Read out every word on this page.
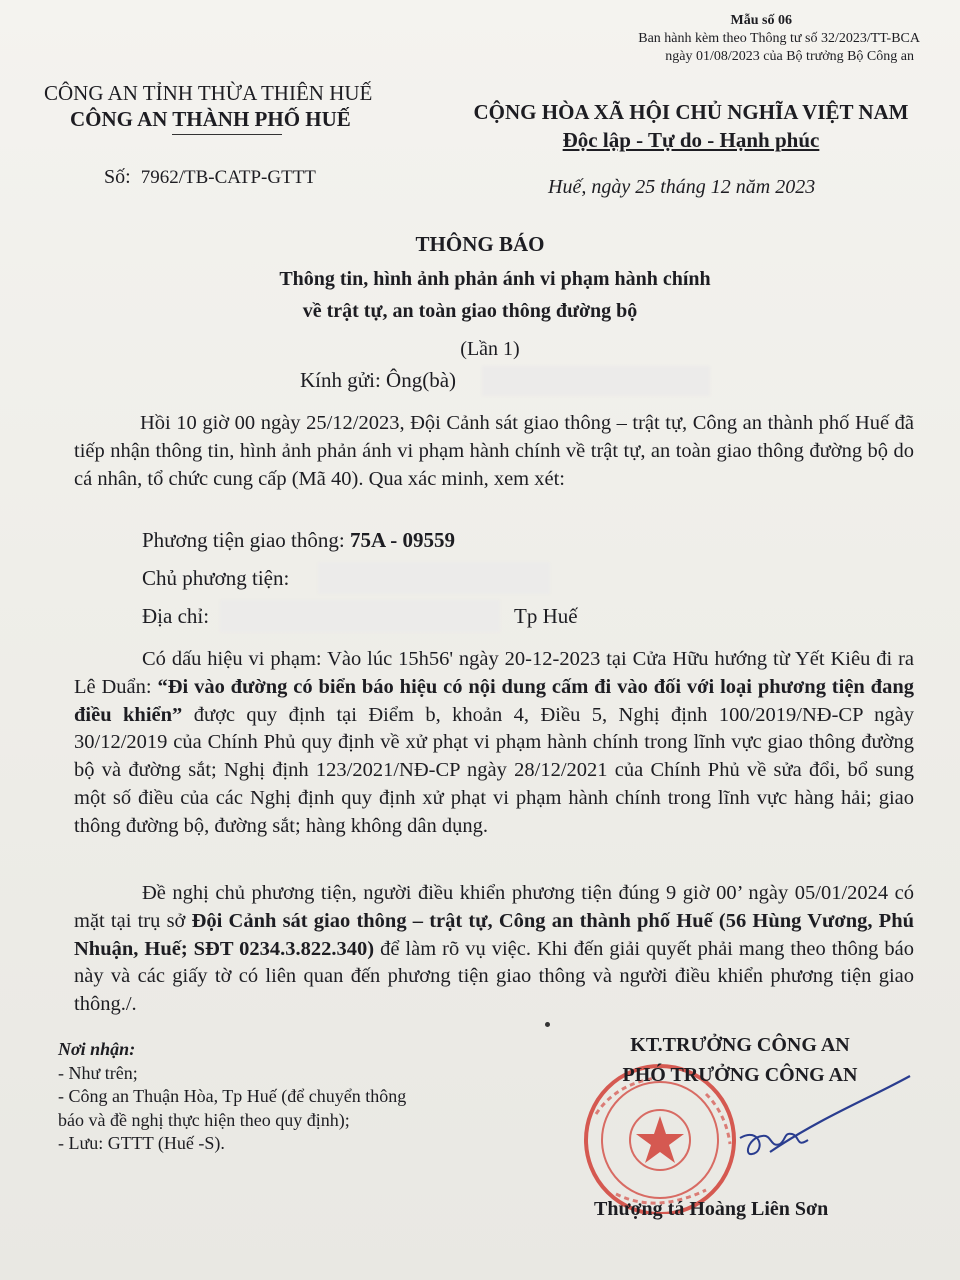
Mẫu số 06
Ban hành kèm theo Thông tư số 32/2023/TT-BCA
ngày 01/08/2023 của Bộ trưởng Bộ Công an
CÔNG AN TỈNH THỪA THIÊN HUẾ
CÔNG AN THÀNH PHỐ HUẾ
Số: 7962/TB-CATP-GTTT
CỘNG HÒA XÃ HỘI CHỦ NGHĨA VIỆT NAM
Độc lập - Tự do - Hạnh phúc
Huế, ngày 25 tháng 12 năm 2023
THÔNG BÁO
Thông tin, hình ảnh phản ánh vi phạm hành chính
về trật tự, an toàn giao thông đường bộ
(Lần 1)
Kính gửi: Ông(bà)
Hồi 10 giờ 00 ngày 25/12/2023, Đội Cảnh sát giao thông – trật tự, Công an thành phố Huế đã tiếp nhận thông tin, hình ảnh phản ánh vi phạm hành chính về trật tự, an toàn giao thông đường bộ do cá nhân, tổ chức cung cấp (Mã 40). Qua xác minh, xem xét:
Phương tiện giao thông: 75A - 09559
Chủ phương tiện:
Địa chỉ:	Tp Huế
Có dấu hiệu vi phạm: Vào lúc 15h56' ngày 20-12-2023 tại Cửa Hữu hướng từ Yết Kiêu đi ra Lê Duẩn: “Đi vào đường có biển báo hiệu có nội dung cấm đi vào đối với loại phương tiện đang điều khiển” được quy định tại Điểm b, khoản 4, Điều 5, Nghị định 100/2019/NĐ-CP ngày 30/12/2019 của Chính Phủ quy định về xử phạt vi phạm hành chính trong lĩnh vực giao thông đường bộ và đường sắt; Nghị định 123/2021/NĐ-CP ngày 28/12/2021 của Chính Phủ về sửa đổi, bổ sung một số điều của các Nghị định quy định xử phạt vi phạm hành chính trong lĩnh vực hàng hải; giao thông đường bộ, đường sắt; hàng không dân dụng.
Đề nghị chủ phương tiện, người điều khiển phương tiện đúng 9 giờ 00’ ngày 05/01/2024 có mặt tại trụ sở Đội Cảnh sát giao thông – trật tự, Công an thành phố Huế (56 Hùng Vương, Phú Nhuận, Huế; SĐT 0234.3.822.340) để làm rõ vụ việc. Khi đến giải quyết phải mang theo thông báo này và các giấy tờ có liên quan đến phương tiện giao thông và người điều khiển phương tiện giao thông./.
Nơi nhận:
- Như trên;
- Công an Thuận Hòa, Tp Huế (để chuyển thông
báo và đề nghị thực hiện theo quy định);
- Lưu: GTTT (Huế -S).
KT.TRƯỞNG CÔNG AN
PHÓ TRƯỞNG CÔNG AN
Thượng tá Hoàng Liên Sơn
